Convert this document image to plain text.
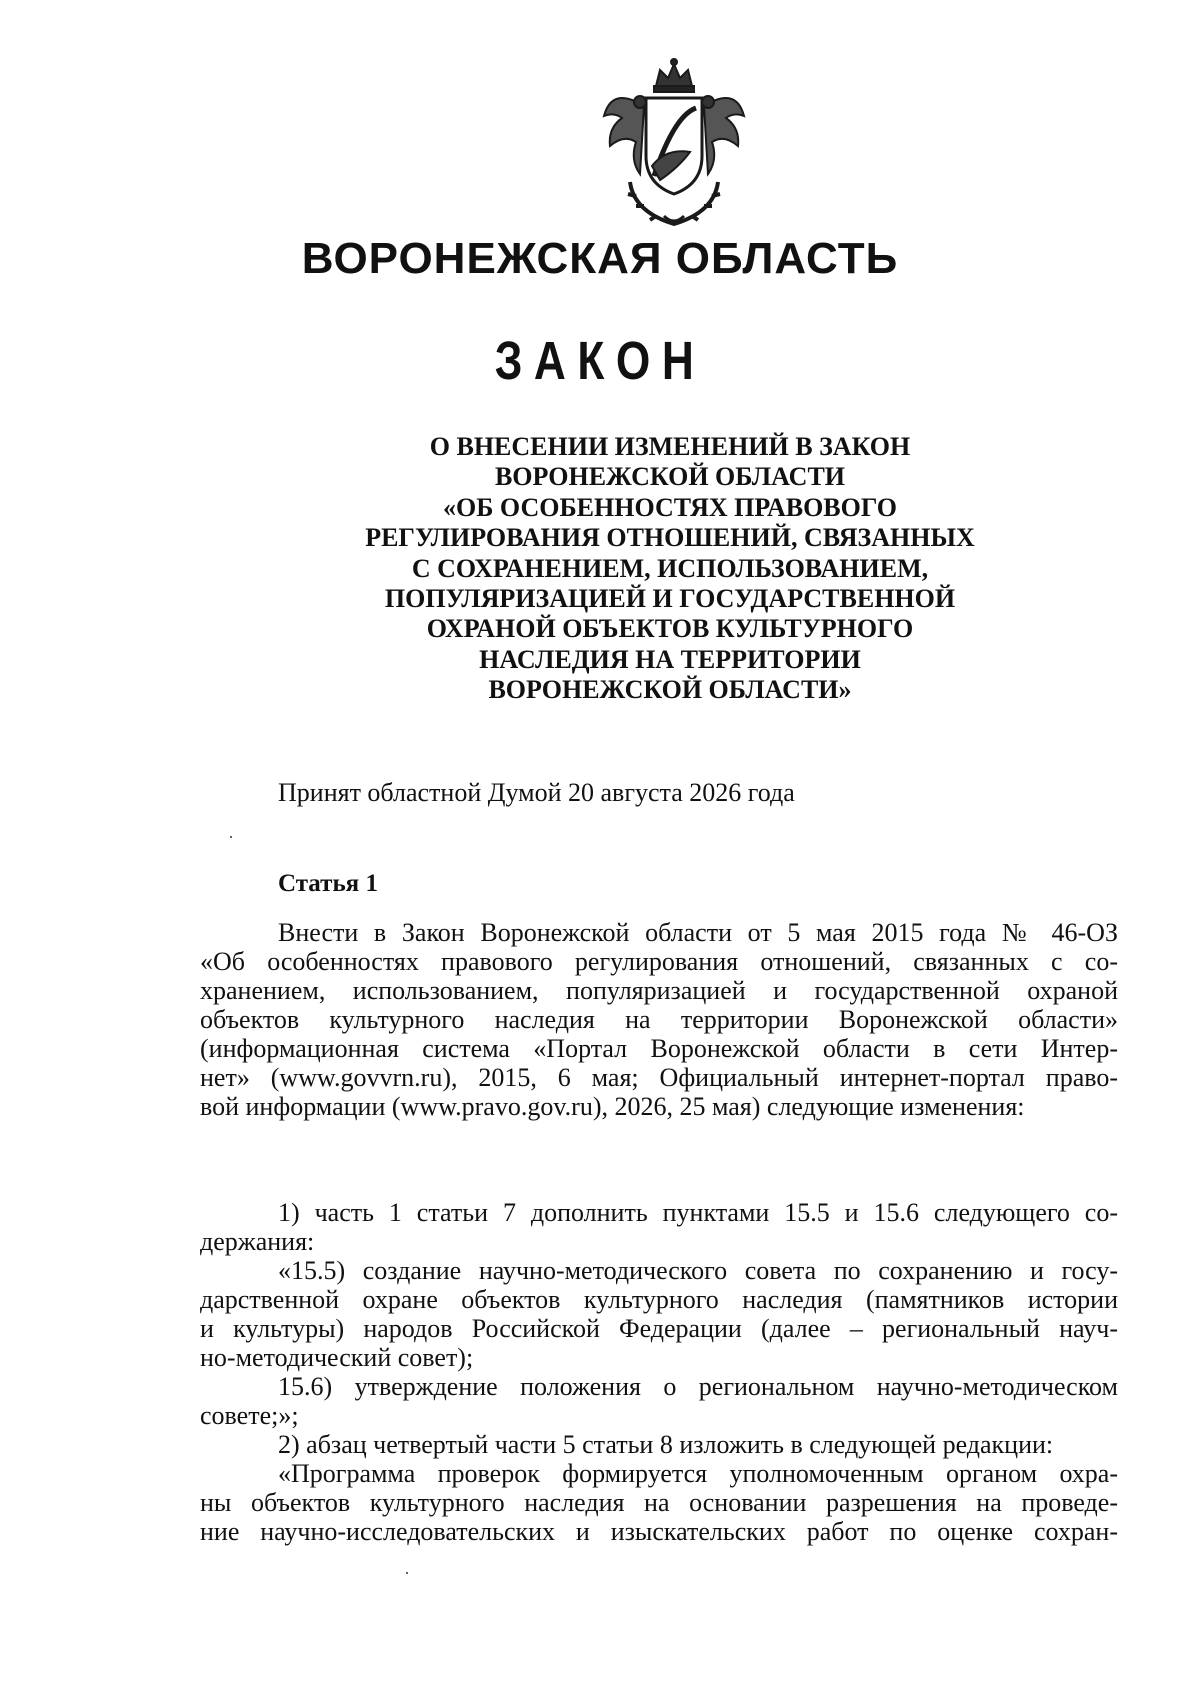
ВОРОНЕЖСКАЯ ОБЛАСТЬ
ЗАКОН
О ВНЕСЕНИИ ИЗМЕНЕНИЙ В ЗАКОН
ВОРОНЕЖСКОЙ ОБЛАСТИ
«ОБ ОСОБЕННОСТЯХ ПРАВОВОГО
РЕГУЛИРОВАНИЯ ОТНОШЕНИЙ, СВЯЗАННЫХ
С СОХРАНЕНИЕМ, ИСПОЛЬЗОВАНИЕМ,
ПОПУЛЯРИЗАЦИЕЙ И ГОСУДАРСТВЕННОЙ
ОХРАНОЙ ОБЪЕКТОВ КУЛЬТУРНОГО
НАСЛЕДИЯ НА ТЕРРИТОРИИ
ВОРОНЕЖСКОЙ ОБЛАСТИ»
Принят областной Думой 20 августа 2026 года
Статья 1
Внести в Закон Воронежской области от 5 мая 2015 года № 46-ОЗ
«Об особенностях правового регулирования отношений, связанных с со-
хранением, использованием, популяризацией и государственной охраной
объектов культурного наследия на территории Воронежской области»
(информационная система «Портал Воронежской области в сети Интер-
нет» (www.govvrn.ru), 2015, 6 мая; Официальный интернет-портал право-
вой информации (www.pravo.gov.ru), 2026, 25 мая) следующие изменения:
1) часть 1 статьи 7 дополнить пунктами 15.5 и 15.6 следующего со-
держания:
«15.5) создание научно-методического совета по сохранению и госу-
дарственной охране объектов культурного наследия (памятников истории
и культуры) народов Российской Федерации (далее – региональный науч-
но-методический совет);
15.6) утверждение положения о региональном научно-методическом
совете;»;
2) абзац четвертый части 5 статьи 8 изложить в следующей редакции:
«Программа проверок формируется уполномоченным органом охра-
ны объектов культурного наследия на основании разрешения на проведе-
ние научно-исследовательских и изыскательских работ по оценке сохран-
